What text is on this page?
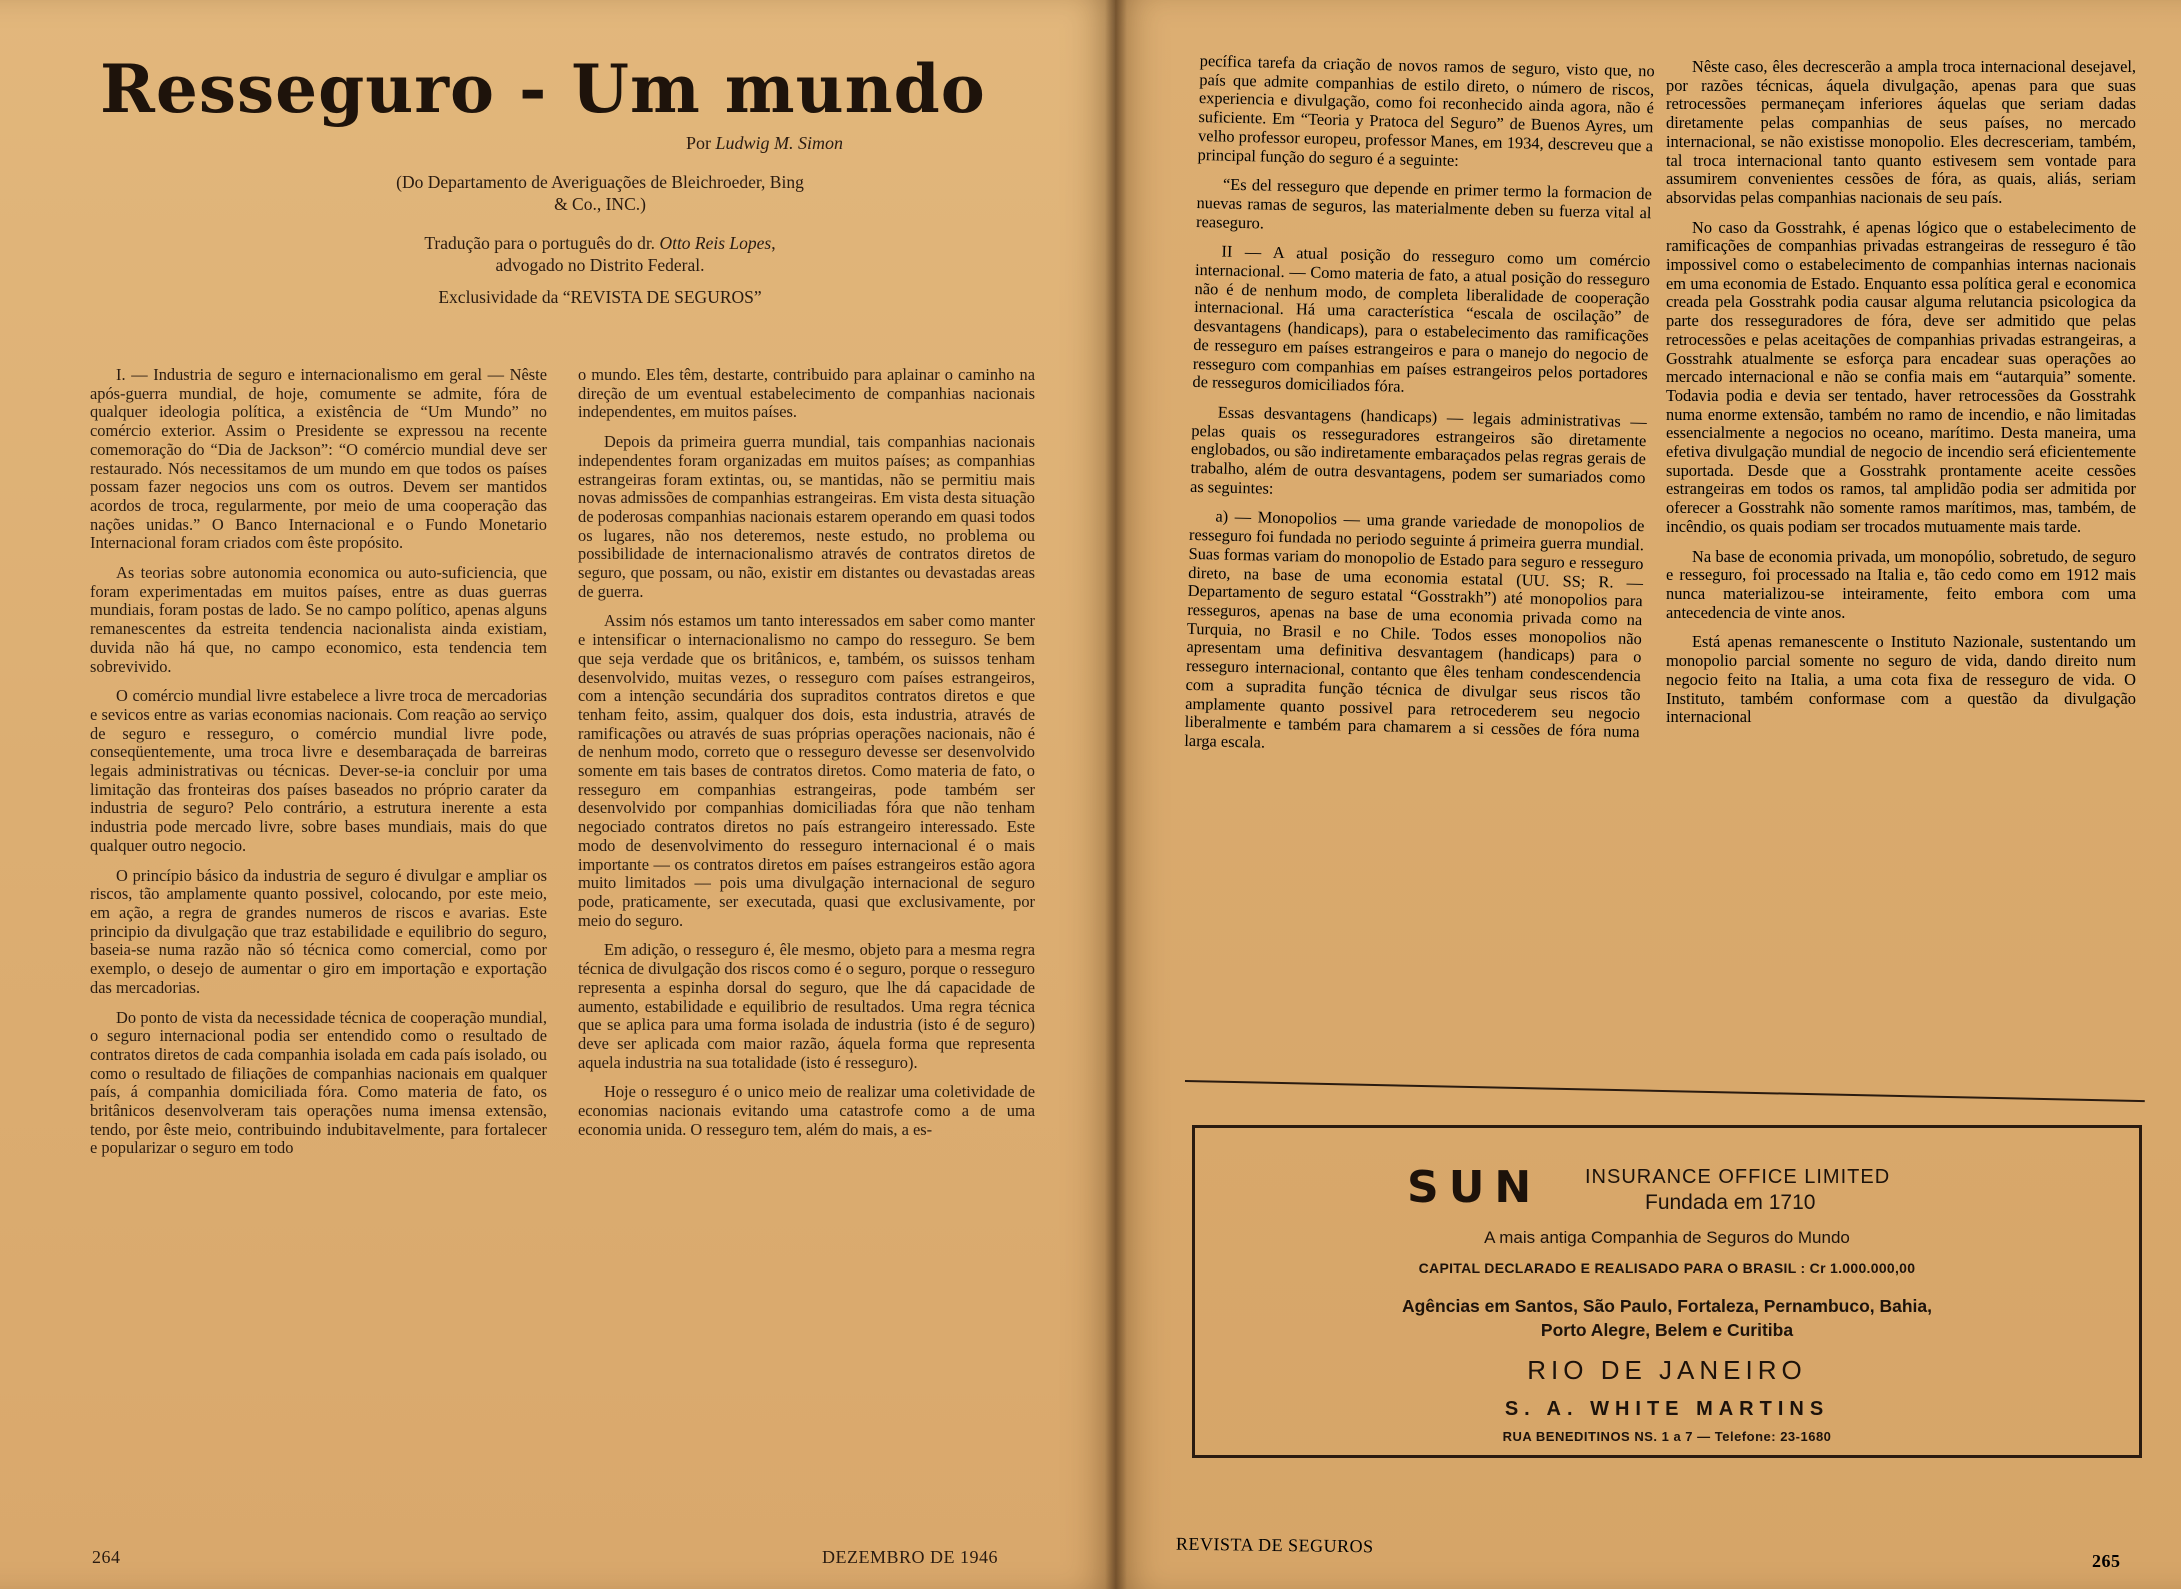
Resseguro - Um mundo
Por Ludwig M. Simon
(Do Departamento de Averiguações de Bleichroeder, Bing & Co., INC.)
Tradução para o português do dr. Otto Reis Lopes, advogado no Distrito Federal.
Exclusividade da “REVISTA DE SEGUROS”

I. — Industria de seguro e internacionalismo em geral — Nêste após-guerra mundial, de hoje, comumente se admite, fóra de qualquer ideologia política, a existência de “Um Mundo” no comércio exterior. Assim o Presidente se expressou na recente comemoração do “Dia de Jackson”: “O comércio mundial deve ser restaurado. Nós necessitamos de um mundo em que todos os países possam fazer negocios uns com os outros. Devem ser mantidos acordos de troca, regularmente, por meio de uma cooperação das nações unidas.” O Banco Internacional e o Fundo Monetario Internacional foram criados com êste propósito.

As teorias sobre autonomia economica ou auto-suficiencia, que foram experimentadas em muitos países, entre as duas guerras mundiais, foram postas de lado. Se no campo político, apenas alguns remanescentes da estreita tendencia nacionalista ainda existiam, duvida não há que, no campo economico, esta tendencia tem sobrevivido.

O comércio mundial livre estabelece a livre troca de mercadorias e sevicos entre as varias economias nacionais. Com reação ao serviço de seguro e resseguro, o comércio mundial livre pode, conseqüentemente, uma troca livre e desembaraçada de barreiras legais administrativas ou técnicas. Dever-se-ia concluir por uma limitação das fronteiras dos países baseados no próprio carater da industria de seguro? Pelo contrário, a estrutura inerente a esta industria pode mercado livre, sobre bases mundiais, mais do que qualquer outro negocio.

O princípio básico da industria de seguro é divulgar e ampliar os riscos, tão amplamente quanto possivel, colocando, por este meio, em ação, a regra de grandes numeros de riscos e avarias. Este principio da divulgação que traz estabilidade e equilibrio do seguro, baseia-se numa razão não só técnica como comercial, como por exemplo, o desejo de aumentar o giro em importação e exportação das mercadorias.

Do ponto de vista da necessidade técnica de cooperação mundial, o seguro internacional podia ser entendido como o resultado de contratos diretos de cada companhia isolada em cada país isolado, ou como o resultado de filiações de companhias nacionais em qualquer país, á companhia domiciliada fóra. Como materia de fato, os britânicos desenvolveram tais operações numa imensa extensão, tendo, por êste meio, contribuindo indubitavelmente, para fortalecer e popularizar o seguro em todo

o mundo. Eles têm, destarte, contribuido para aplainar o caminho na direção de um eventual estabelecimento de companhias nacionais independentes, em muitos países.

Depois da primeira guerra mundial, tais companhias nacionais independentes foram organizadas em muitos países; as companhias estrangeiras foram extintas, ou, se mantidas, não se permitiu mais novas admissões de companhias estrangeiras. Em vista desta situação de poderosas companhias nacionais estarem operando em quasi todos os lugares, não nos deteremos, neste estudo, no problema ou possibilidade de internacionalismo através de contratos diretos de seguro, que possam, ou não, existir em distantes ou devastadas areas de guerra.

Assim nós estamos um tanto interessados em saber como manter e intensificar o internacionalismo no campo do resseguro. Se bem que seja verdade que os britânicos, e, também, os suissos tenham desenvolvido, muitas vezes, o resseguro com países estrangeiros, com a intenção secundária dos supraditos contratos diretos e que tenham feito, assim, qualquer dos dois, esta industria, através de ramificações ou através de suas próprias operações nacionais, não é de nenhum modo, correto que o resseguro devesse ser desenvolvido somente em tais bases de contratos diretos. Como materia de fato, o resseguro em companhias estrangeiras, pode também ser desenvolvido por companhias domiciliadas fóra que não tenham negociado contratos diretos no país estrangeiro interessado. Este modo de desenvolvimento do resseguro internacional é o mais importante — os contratos diretos em países estrangeiros estão agora muito limitados — pois uma divulgação internacional de seguro pode, praticamente, ser executada, quasi que exclusivamente, por meio do seguro.

Em adição, o resseguro é, êle mesmo, objeto para a mesma regra técnica de divulgação dos riscos como é o seguro, porque o resseguro representa a espinha dorsal do seguro, que lhe dá capacidade de aumento, estabilidade e equilibrio de resultados. Uma regra técnica que se aplica para uma forma isolada de industria (isto é de seguro) deve ser aplicada com maior razão, áquela forma que representa aquela industria na sua totalidade (isto é resseguro).

Hoje o resseguro é o unico meio de realizar uma coletividade de economias nacionais evitando uma catastrofe como a de uma economia unida. O resseguro tem, além do mais, a es-

264	DEZEMBRO DE 1946

pecífica tarefa da criação de novos ramos de seguro, visto que, no país que admite companhias de estilo direto, o número de riscos, experiencia e divulgação, como foi reconhecido ainda agora, não é suficiente. Em “Teoria y Pratoca del Seguro” de Buenos Ayres, um velho professor europeu, professor Manes, em 1934, descreveu que a principal função do seguro é a seguinte:

“Es del resseguro que depende en primer termo la formacion de nuevas ramas de seguros, las materialmente deben su fuerza vital al reaseguro.

II — A atual posição do resseguro como um comércio internacional. — Como materia de fato, a atual posição do resseguro não é de nenhum modo, de completa liberalidade de cooperação internacional. Há uma característica “escala de oscilação” de desvantagens (handicaps), para o estabelecimento das ramificações de resseguro em países estrangeiros e para o manejo do negocio de resseguro com companhias em países estrangeiros pelos portadores de resseguros domiciliados fóra.

Essas desvantagens (handicaps) — legais administrativas — pelas quais os resseguradores estrangeiros são diretamente englobados, ou são indiretamente embaraçados pelas regras gerais de trabalho, além de outra desvantagens, podem ser sumariados como as seguintes:

a) — Monopolios — uma grande variedade de monopolios de resseguro foi fundada no periodo seguinte á primeira guerra mundial. Suas formas variam do monopolio de Estado para seguro e resseguro direto, na base de uma economia estatal (UU. SS; R. — Departamento de seguro estatal “Gosstrakh”) até monopolios para resseguros, apenas na base de uma economia privada como na Turquia, no Brasil e no Chile. Todos esses monopolios não apresentam uma definitiva desvantagem (handicaps) para o resseguro internacional, contanto que êles tenham condescendencia com a supradita função técnica de divulgar seus riscos tão amplamente quanto possivel para retrocederem seu negocio liberalmente e também para chamarem a si cessões de fóra numa larga escala.

Nêste caso, êles decrescerão a ampla troca internacional desejavel, por razões técnicas, áquela divulgação, apenas para que suas retrocessões permaneçam inferiores áquelas que seriam dadas diretamente pelas companhias de seus países, no mercado internacional, se não existisse monopolio. Eles decresceriam, também, tal troca internacional tanto quanto estivesem sem vontade para assumirem convenientes cessões de fóra, as quais, aliás, seriam absorvidas pelas companhias nacionais de seu país.

No caso da Gosstrahk, é apenas lógico que o estabelecimento de ramificações de companhias privadas estrangeiras de resseguro é tão impossivel como o estabelecimento de companhias internas nacionais em uma economia de Estado. Enquanto essa política geral e economica creada pela Gosstrahk podia causar alguma relutancia psicologica da parte dos resseguradores de fóra, deve ser admitido que pelas retrocessões e pelas aceitações de companhias privadas estrangeiras, a Gosstrahk atualmente se esforça para encadear suas operações ao mercado internacional e não se confia mais em “autarquia” somente. Todavia podia e devia ser tentado, haver retrocessões da Gosstrahk numa enorme extensão, também no ramo de incendio, e não limitadas essencialmente a negocios no oceano, marítimo. Desta maneira, uma efetiva divulgação mundial de negocio de incendio será eficientemente suportada. Desde que a Gosstrahk prontamente aceite cessões estrangeiras em todos os ramos, tal amplidão podia ser admitida por oferecer a Gosstrahk não somente ramos marítimos, mas, também, de incêndio, os quais podiam ser trocados mutuamente mais tarde.

Na base de economia privada, um monopólio, sobretudo, de seguro e resseguro, foi processado na Italia e, tão cedo como em 1912 mais nunca materializou-se inteiramente, feito embora com uma antecedencia de vinte anos.

Está apenas remanescente o Instituto Nazionale, sustentando um monopolio parcial somente no seguro de vida, dando direito num negocio feito na Italia, a uma cota fixa de resseguro de vida. O Instituto, também conformase com a questão da divulgação internacional

SUN INSURANCE OFFICE LIMITED
Fundada em 1710
A mais antiga Companhia de Seguros do Mundo
CAPITAL DECLARADO E REALISADO PARA O BRASIL : Cr 1.000.000,00
Agências em Santos, São Paulo, Fortaleza, Pernambuco, Bahia,
Porto Alegre, Belem e Curitiba
RIO DE JANEIRO
S. A. WHITE MARTINS
RUA BENEDITINOS NS. 1 a 7 — Telefone: 23-1680
REVISTA DE SEGUROS
265
